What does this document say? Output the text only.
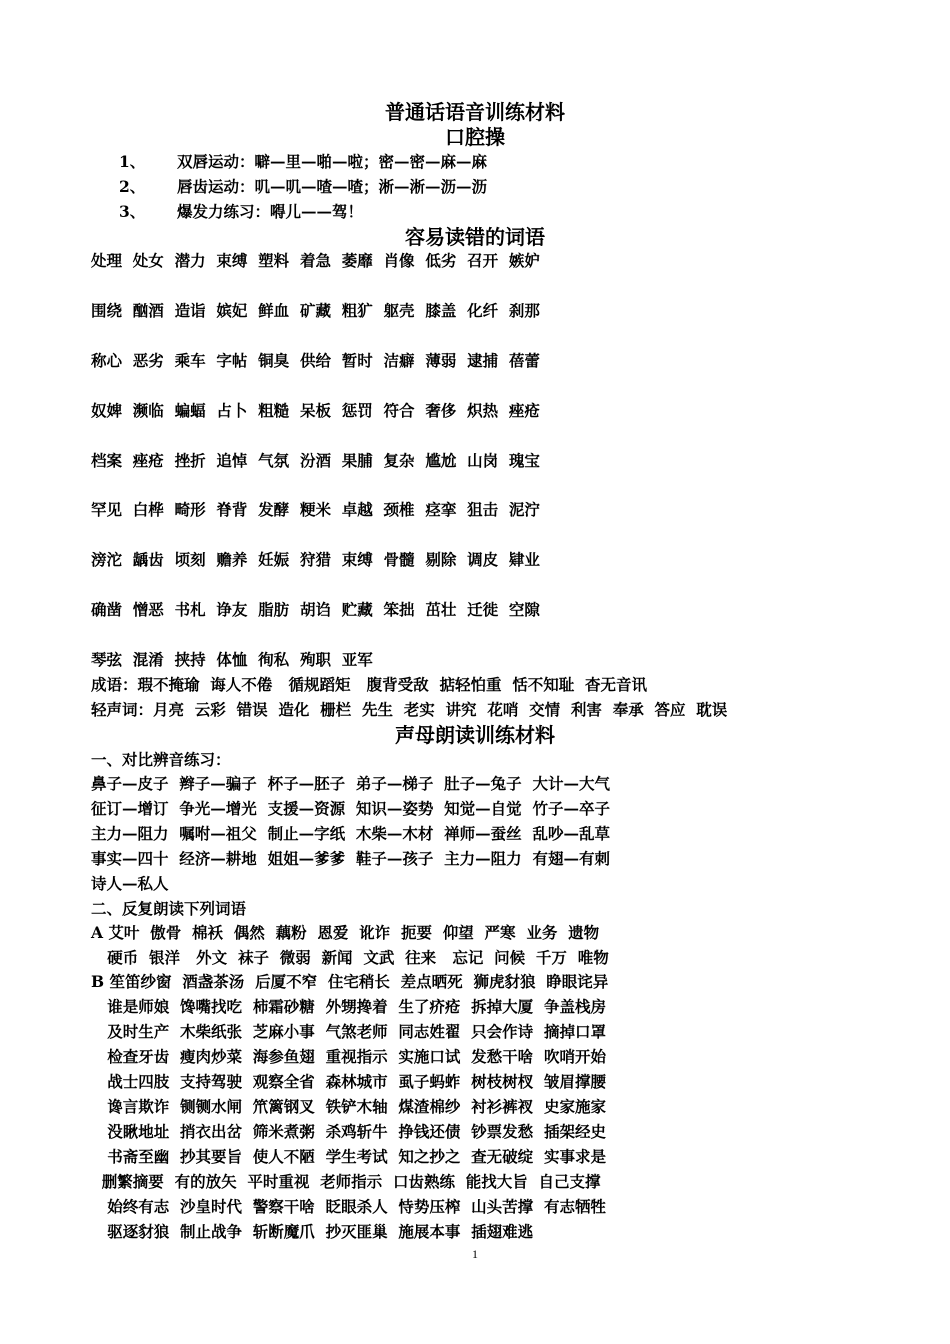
普通话语音训练材料
口腔操
1、 双唇运动：噼—里—啪—啦；密—密—麻—麻
2、 唇齿运动：叽—叽—喳—喳；淅—淅—沥—沥
3、 爆发力练习：嘚儿——驾！
容易读错的词语
处理  处女  潜力  束缚  塑料  着急  萎靡  肖像  低劣  召开  嫉妒
围绕  酗酒  造诣  嫔妃  鲜血  矿藏  粗犷  躯壳  膝盖  化纤  刹那
称心  恶劣  乘车  字帖  铜臭  供给  暂时  洁癖  薄弱  逮捕  蓓蕾
奴婢  濒临  蝙蝠  占卜  粗糙  呆板  惩罚  符合  奢侈  炽热  痤疮
档案  痤疮  挫折  追悼  气氛  汾酒  果脯  复杂  尴尬  山岗  瑰宝
罕见  白桦  畸形  脊背  发酵  粳米  卓越  颈椎  痉挛  狙击  泥泞
滂沱  龋齿  顷刻  赡养  妊娠  狩猎  束缚  骨髓  剔除  调皮  肄业
确凿  憎恶  书札  诤友  脂肪  胡诌  贮藏  笨拙  茁壮  迁徙  空隙
琴弦  混淆  挟持  体恤  徇私  殉职  亚军
成语：瑕不掩瑜  诲人不倦   循规蹈矩   腹背受敌  掂轻怕重  恬不知耻  杳无音讯
轻声词：月亮  云彩  错误  造化  栅栏  先生  老实  讲究  花哨  交情  利害  奉承  答应  耽误
声母朗读训练材料
一、对比辨音练习：
鼻子—皮子  辫子—骗子  杯子—胚子  弟子—梯子  肚子—兔子  大计—大气
征订—增订  争光—增光  支援—资源  知识—姿势  知觉—自觉  竹子—卒子
主力—阻力  嘱咐—祖父  制止—字纸  木柴—木材  禅师—蚕丝  乱吵—乱草
事实—四十  经济—耕地  姐姐—爹爹  鞋子—孩子  主力—阻力  有翅—有刺
诗人—私人
二、反复朗读下列词语
A 艾叶  傲骨  棉袄  偶然  藕粉  恩爱  讹诈  扼要  仰望  严寒  业务  遗物
硬币  银洋   外文  袜子  微弱  新闻  文武  往来   忘记  问候  千万  唯物
B 笙笛纱窗  酒盏茶汤  后厦不窄  住宅稍长  差点晒死  狮虎豺狼  睁眼诧异
谁是师娘  馋嘴找吃  柿霜砂糖  外甥搀着  生了疥疮  拆掉大厦  争盖栈房
及时生产  木柴纸张  芝麻小事  气煞老师  同志姓翟  只会作诗  摘掉口罩
检查牙齿  瘦肉炒菜  海参鱼翅  重视指示  实施口试  发愁干啥  吹哨开始
战士四肢  支持驾驶  观察全省  森林城市  虱子蚂蚱  树枝树杈  皱眉撑腰
谗言欺诈  铡铡水闸  笊篱钢叉  铁铲木轴  煤渣棉纱  衬衫裤衩  史家施家
没瞅地址  捎衣出岔  筛米煮粥  杀鸡斩牛  挣钱还债  钞票发愁  插架经史
书斋至幽  抄其要旨  使人不陋  学生考试  知之抄之  查无破绽  实事求是
删繁摘要  有的放矢  平时重视  老师指示  口齿熟练  能找大旨  自己支撑
始终有志  沙皇时代  警察干啥  眨眼杀人  恃势压榨  山头苦撑  有志牺牲
驱逐豺狼  制止战争  斩断魔爪  抄灭匪巢  施展本事  插翅难逃
1
